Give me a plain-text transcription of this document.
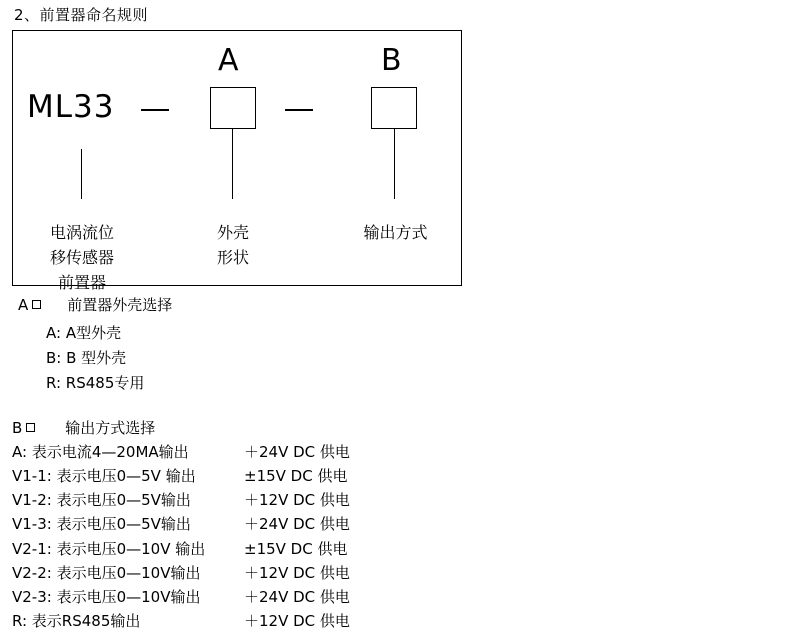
2、前置器命名规则
A	B
ML33
电涡流位
移传感器
前置器
外壳
形状
输出方式
A	前置器外壳选择
A: A型外壳
B: B 型外壳
R: RS485专用
B	输出方式选择
A: 表示电流4—20MA输出	＋24V DC 供电
V1-1: 表示电压0—5V 输出	±15V DC 供电
V1-2: 表示电压0—5V输出	＋12V DC 供电
V1-3: 表示电压0—5V输出	＋24V DC 供电
V2-1: 表示电压0—10V 输出	±15V DC 供电
V2-2: 表示电压0—10V输出	＋12V DC 供电
V2-3: 表示电压0—10V输出	＋24V DC 供电
R: 表示RS485输出	＋12V DC 供电
